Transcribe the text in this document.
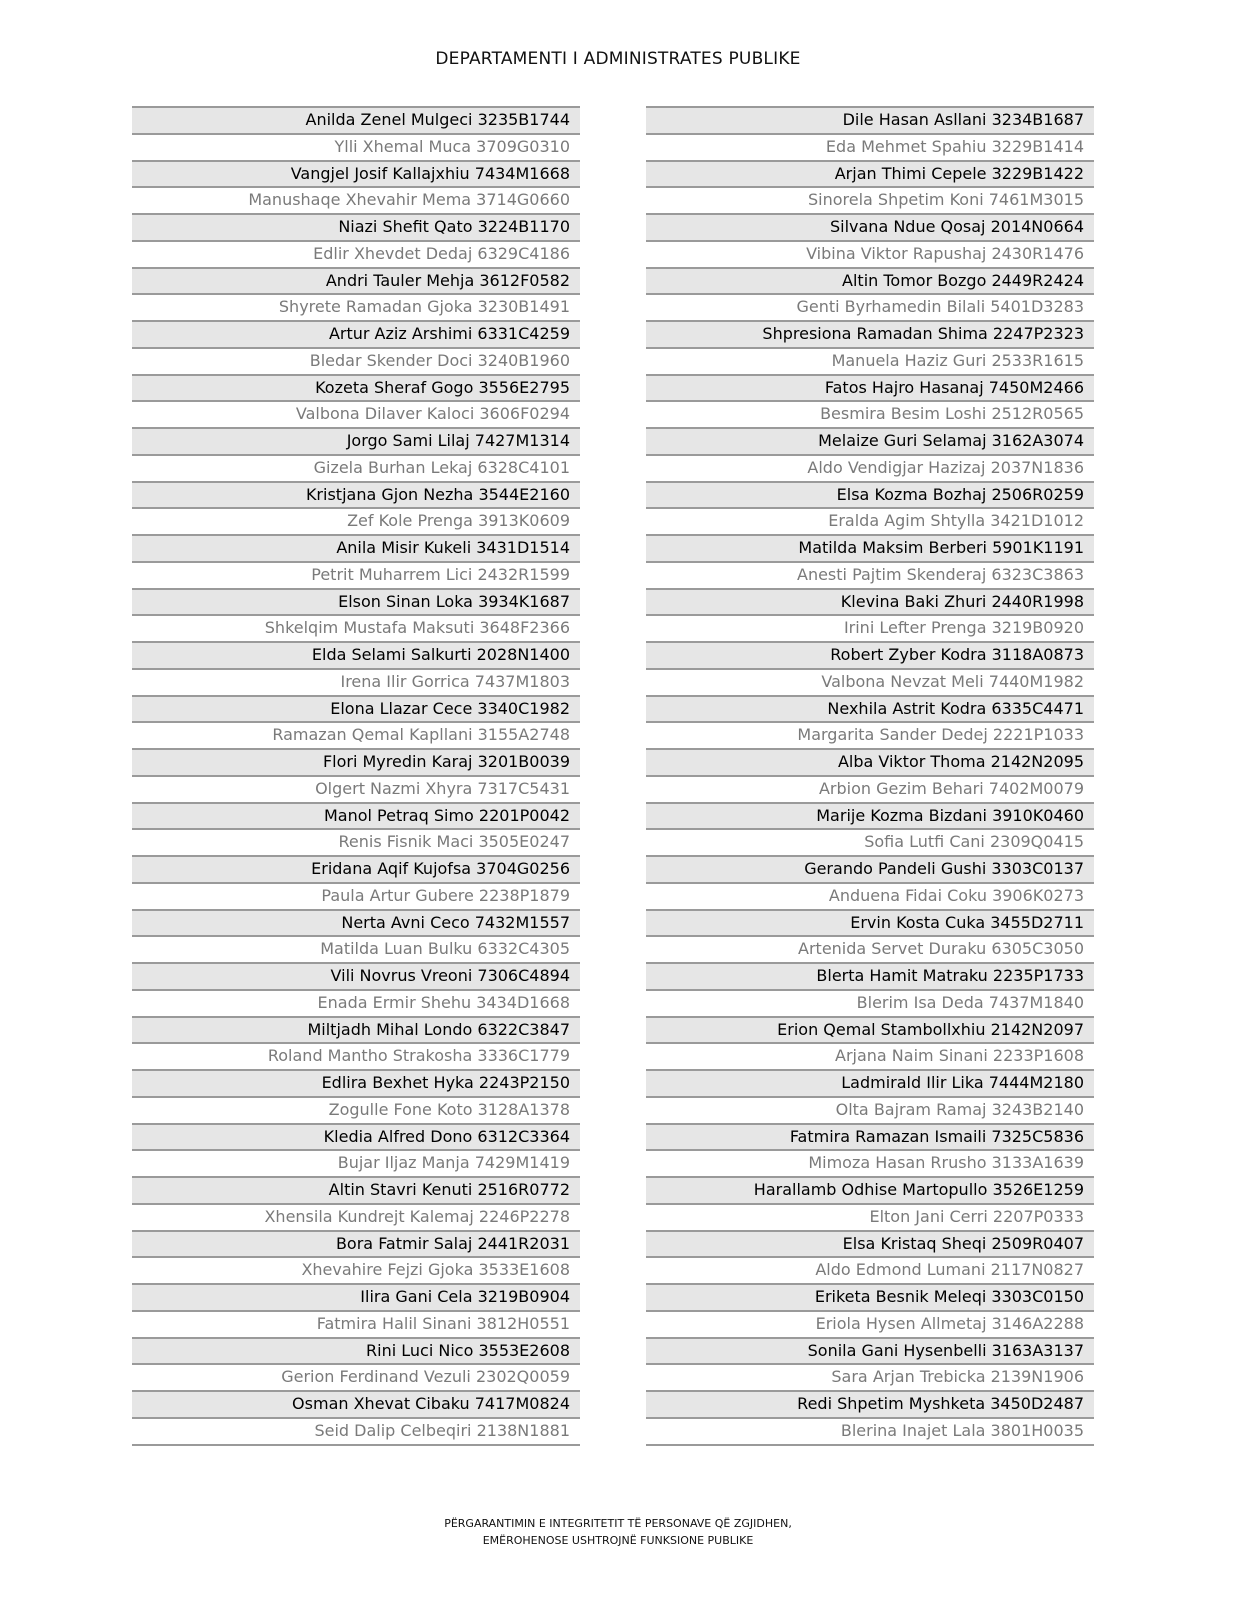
DEPARTAMENTI I ADMINISTRATES PUBLIKE
Anilda Zenel Mulgeci 3235B1744
Ylli Xhemal Muca 3709G0310
Vangjel Josif Kallajxhiu 7434M1668
Manushaqe Xhevahir Mema 3714G0660
Niazi Shefit Qato 3224B1170
Edlir Xhevdet Dedaj 6329C4186
Andri Tauler Mehja 3612F0582
Shyrete Ramadan Gjoka 3230B1491
Artur Aziz Arshimi 6331C4259
Bledar Skender Doci 3240B1960
Kozeta Sheraf Gogo 3556E2795
Valbona Dilaver Kaloci 3606F0294
Jorgo Sami Lilaj 7427M1314
Gizela Burhan Lekaj 6328C4101
Kristjana Gjon Nezha 3544E2160
Zef Kole Prenga 3913K0609
Anila Misir Kukeli 3431D1514
Petrit Muharrem Lici 2432R1599
Elson Sinan Loka 3934K1687
Shkelqim Mustafa Maksuti 3648F2366
Elda Selami Salkurti 2028N1400
Irena Ilir Gorrica 7437M1803
Elona Llazar Cece 3340C1982
Ramazan Qemal Kapllani 3155A2748
Flori Myredin Karaj 3201B0039
Olgert Nazmi Xhyra 7317C5431
Manol Petraq Simo 2201P0042
Renis Fisnik Maci 3505E0247
Eridana Aqif Kujofsa 3704G0256
Paula Artur Gubere 2238P1879
Nerta Avni Ceco 7432M1557
Matilda Luan Bulku 6332C4305
Vili Novrus Vreoni 7306C4894
Enada Ermir Shehu 3434D1668
Miltjadh Mihal Londo 6322C3847
Roland Mantho Strakosha 3336C1779
Edlira Bexhet Hyka 2243P2150
Zogulle Fone Koto 3128A1378
Kledia Alfred Dono 6312C3364
Bujar Iljaz Manja 7429M1419
Altin Stavri Kenuti 2516R0772
Xhensila Kundrejt Kalemaj 2246P2278
Bora Fatmir Salaj 2441R2031
Xhevahire Fejzi Gjoka 3533E1608
Ilira Gani Cela 3219B0904
Fatmira Halil Sinani 3812H0551
Rini Luci Nico 3553E2608
Gerion Ferdinand Vezuli 2302Q0059
Osman Xhevat Cibaku 7417M0824
Seid Dalip Celbeqiri 2138N1881
Dile Hasan Asllani 3234B1687
Eda Mehmet Spahiu 3229B1414
Arjan Thimi Cepele 3229B1422
Sinorela Shpetim Koni 7461M3015
Silvana Ndue Qosaj 2014N0664
Vibina Viktor Rapushaj 2430R1476
Altin Tomor Bozgo 2449R2424
Genti Byrhamedin Bilali 5401D3283
Shpresiona Ramadan Shima 2247P2323
Manuela Haziz Guri 2533R1615
Fatos Hajro Hasanaj 7450M2466
Besmira Besim Loshi 2512R0565
Melaize Guri Selamaj 3162A3074
Aldo Vendigjar Hazizaj 2037N1836
Elsa Kozma Bozhaj 2506R0259
Eralda Agim Shtylla 3421D1012
Matilda Maksim Berberi 5901K1191
Anesti Pajtim Skenderaj 6323C3863
Klevina Baki Zhuri 2440R1998
Irini Lefter Prenga 3219B0920
Robert Zyber Kodra 3118A0873
Valbona Nevzat Meli 7440M1982
Nexhila Astrit Kodra 6335C4471
Margarita Sander Dedej 2221P1033
Alba Viktor Thoma 2142N2095
Arbion Gezim Behari 7402M0079
Marije Kozma Bizdani 3910K0460
Sofia Lutfi Cani 2309Q0415
Gerando Pandeli Gushi 3303C0137
Anduena Fidai Coku 3906K0273
Ervin Kosta Cuka 3455D2711
Artenida Servet Duraku 6305C3050
Blerta Hamit Matraku 2235P1733
Blerim Isa Deda 7437M1840
Erion Qemal Stambollxhiu 2142N2097
Arjana Naim Sinani 2233P1608
Ladmirald Ilir Lika 7444M2180
Olta Bajram Ramaj 3243B2140
Fatmira Ramazan Ismaili 7325C5836
Mimoza Hasan Rrusho 3133A1639
Harallamb Odhise Martopullo 3526E1259
Elton Jani Cerri 2207P0333
Elsa Kristaq Sheqi 2509R0407
Aldo Edmond Lumani 2117N0827
Eriketa Besnik Meleqi 3303C0150
Eriola Hysen Allmetaj 3146A2288
Sonila Gani Hysenbelli 3163A3137
Sara Arjan Trebicka 2139N1906
Redi Shpetim Myshketa 3450D2487
Blerina Inajet Lala 3801H0035
PËRGARANTIMIN E INTEGRITETIT TË PERSONAVE QË ZGJIDHEN,
EMËROHENOSE USHTROJNË FUNKSIONE PUBLIKE
